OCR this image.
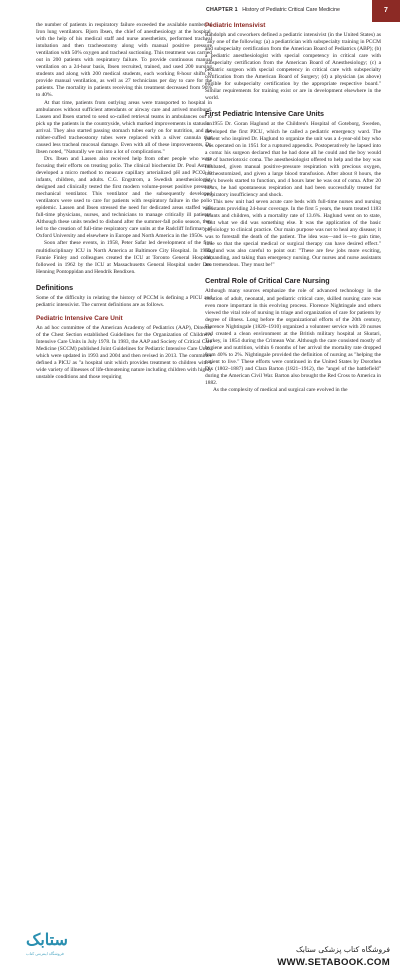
CHAPTER 1 History of Pediatric Critical Care Medicine	7

the number of patients in respiratory failure exceeded the available number of Iron lung ventilators. Bjorn Ibsen, the chief of anesthesiology at the hospital, with the help of his medical staff and nurse anesthetists, performed tracheal intubation and then tracheostomy along with manual positive pressure ventilation with 50% oxygen and tracheal suctioning. This treatment was carried out in 200 patients with respiratory failure. To provide continuous manual ventilation on a 24-hour basis, Ibsen recruited, trained, and used 200 nursing students and along with 200 medical students, each working 8-hour shifts to provide manual ventilation, as well as 27 technicians per day to care for the patients. The mortality in patients receiving this treatment decreased from 90% to 40%.

At that time, patients from outlying areas were transported to hospital in ambulances without sufficient attendants or airway care and arrived moribund. Lassen and Ibsen started to send so-called retrieval teams in ambulances out to pick up the patients in the countryside, which marked improvements in status on arrival. They also started passing stomach tubes early on for nutrition, and the rubber-cuffed tracheostomy tubes were replaced with a silver cannula that caused less tracheal mucosal damage. Even with all of these improvements, Dr. Ibsen noted, "Naturally we ran into a lot of complications."

Drs. Ibsen and Lassen also received help from other people who were focusing their efforts on treating polio. The clinical biochemist Dr. Poul Astrup developed a micro method to measure capillary arterialized pH and PCO2 in infants, children, and adults. C.G. Engstrom, a Swedish anesthesiologist, designed and clinically tested the first modern volume-preset positive pressure mechanical ventilator. This ventilator and the subsequently developed ventilators were used to care for patients with respiratory failure in the polio epidemic. Lassen and Ibsen stressed the need for dedicated areas staffed with full-time physicians, nurses, and technicians to manage critically ill patients. Although these units tended to disband after the summer-fall polio season, they led to the creation of full-time respiratory care units at the Radcliff Infirmary of Oxford University and elsewhere in Europe and North America in the 1950s.

Soon after these events, in 1958, Peter Safar led development of the first multidisciplinary ICU in North America at Baltimore City Hospital. In 1960, Fannie Finley and colleagues created the ICU at Toronto General Hospital, followed in 1962 by the ICU at Massachusetts General Hospital under Drs. Henning Pontoppidan and Hendrik Bendixen.

Definitions

Some of the difficulty in relating the history of PCCM is defining a PICU and pediatric intensivist. The current definitions are as follows.

Pediatric Intensive Care Unit

An ad hoc committee of the American Academy of Pediatrics (AAP), Director of the Chest Section established Guidelines for the Organization of Children's Intensive Care Units in July 1978. In 1983, the AAP and Society of Critical Care Medicine (SCCM) published Joint Guidelines for Pediatric Intensive Care Units, which were updated in 1993 and 2004 and then revised in 2013. The committee defined a PICU as "a hospital unit which provides treatment to children with a wide variety of illnesses of life-threatening nature including children with highly unstable conditions and those requiring

Pediatric Intensivist

Randolph and coworkers defined a pediatric intensivist (in the United States) as "any one of the following: (a) a pediatrician with subspecialty training in PCCM and subspecialty certification from the American Board of Pediatrics (ABP); (b) a pediatric anesthesiologist with special competency in critical care with subspecialty certification from the American Board of Anesthesiology; (c) a pediatric surgeon with special competency in critical care with subspecialty certification from the American Board of Surgery; (d) a physician (as above) eligible for subspecialty certification by the appropriate respective board." Similar requirements for training exist or are in development elsewhere in the world.

First Pediatric Intensive Care Units

In 1955 Dr. Goran Haglund at the Children's Hospital of Goteborg, Sweden, developed the first PICU, which he called a pediatric emergency ward. The patient who inspired Dr. Haglund to organize the unit was a 4-year-old boy who was operated on in 1951 for a ruptured appendix. Postoperatively he lapsed into a coma: his surgeon declared that he had done all he could and the boy would die of bacteriotoxic coma. The anesthesiologist offered to help and the boy was intubated, given manual positive-pressure respiration with precious oxygen, tracheostomized, and given a large blood transfusion. After about 8 hours, the boy's bowels started to function, and 4 hours later he was out of coma. After 20 hours, he had spontaneous respiration and had been successfully treated for respiratory insufficiency and shock.

This new unit had seven acute care beds with full-time nurses and nursing assistants providing 24-hour coverage. In the first 5 years, the team treated 1183 infants and children, with a mortality rate of 13.6%. Haglund went on to state, "But what we did was something else. It was the application of the basic physiology to clinical practice. Our main purpose was not to heal any disease; it was to forestall the death of the patient. The idea was—and is—to gain time, time so that the special medical or surgical therapy can have desired effect." Haglund was also careful to point out: "These are few jobs more exciting, demanding, and taking than emergency nursing. Our nurses and nurse assistants are tremendous. They must be!"

Central Role of Critical Care Nursing

Although many sources emphasize the role of advanced technology in the creation of adult, neonatal, and pediatric critical care, skilled nursing care was even more important in this evolving process. Florence Nightingale and others viewed the vital role of nursing in triage and organization of care for patients by degree of illness. Long before the organizational efforts of the 20th century, Florence Nightingale (1820–1910) organized a volunteer service with 20 nurses and created a clean environment at the British military hospital at Skutari, Turkey, in 1854 during the Crimean War. Although the care consisted mostly of hygiene and nutrition, within 6 months of her arrival the mortality rate dropped from 40% to 2%. Nightingale provided the definition of nursing as "helping the patient to live." These efforts were continued in the United States by Dorothea Dix (1802–1887) and Clara Barton (1821–1912), the "angel of the battlefield" during the American Civil War. Barton also brought the Red Cross to America in 1882.

As the complexity of medical and surgical care evolved in the

ستابک
فروشگاه اینترنتی کتاب	فروشگاه کتاب پزشکی ستابک
WWW.SETABOOK.COM
